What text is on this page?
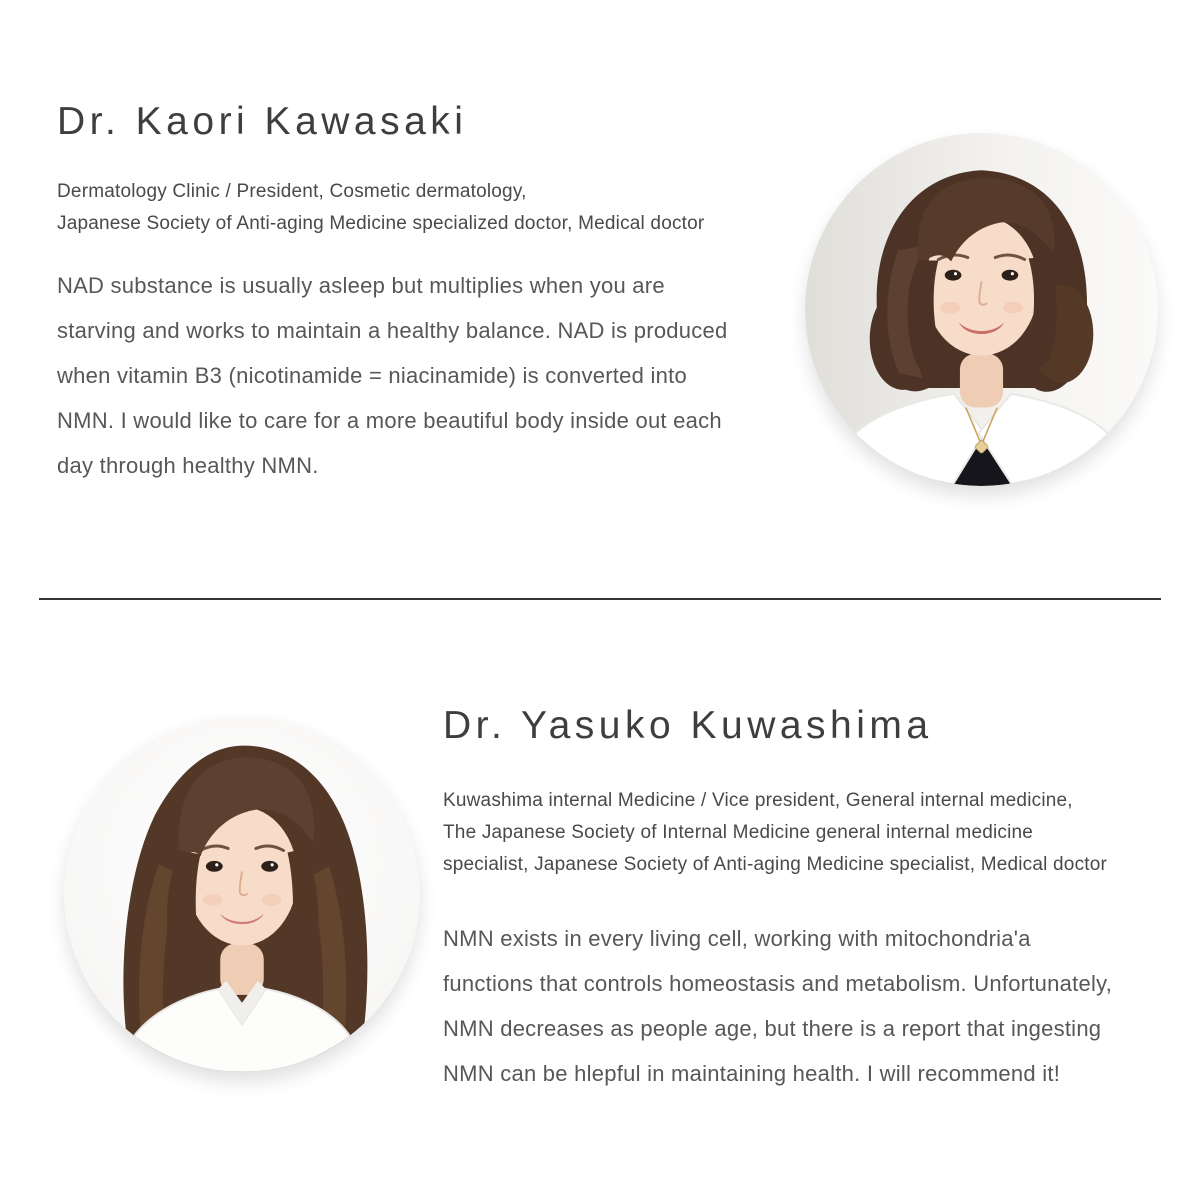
Dr. Kaori Kawasaki
Dermatology Clinic / President, Cosmetic dermatology,
Japanese Society of Anti-aging Medicine specialized doctor, Medical doctor
NAD substance is usually asleep but multiplies when you are
starving and works to maintain a healthy balance. NAD is produced
when vitamin B3 (nicotinamide = niacinamide) is converted into
NMN. I would like to care for a more beautiful body inside out each
day through healthy NMN.
Dr. Yasuko Kuwashima
Kuwashima internal Medicine / Vice president, General internal medicine,
The Japanese Society of Internal Medicine general internal medicine
specialist, Japanese Society of Anti-aging Medicine specialist, Medical doctor
NMN exists in every living cell, working with mitochondria'a
functions that controls homeostasis and metabolism. Unfortunately,
NMN decreases as people age, but there is a report that ingesting
NMN can be hlepful in maintaining health. I will recommend it!
